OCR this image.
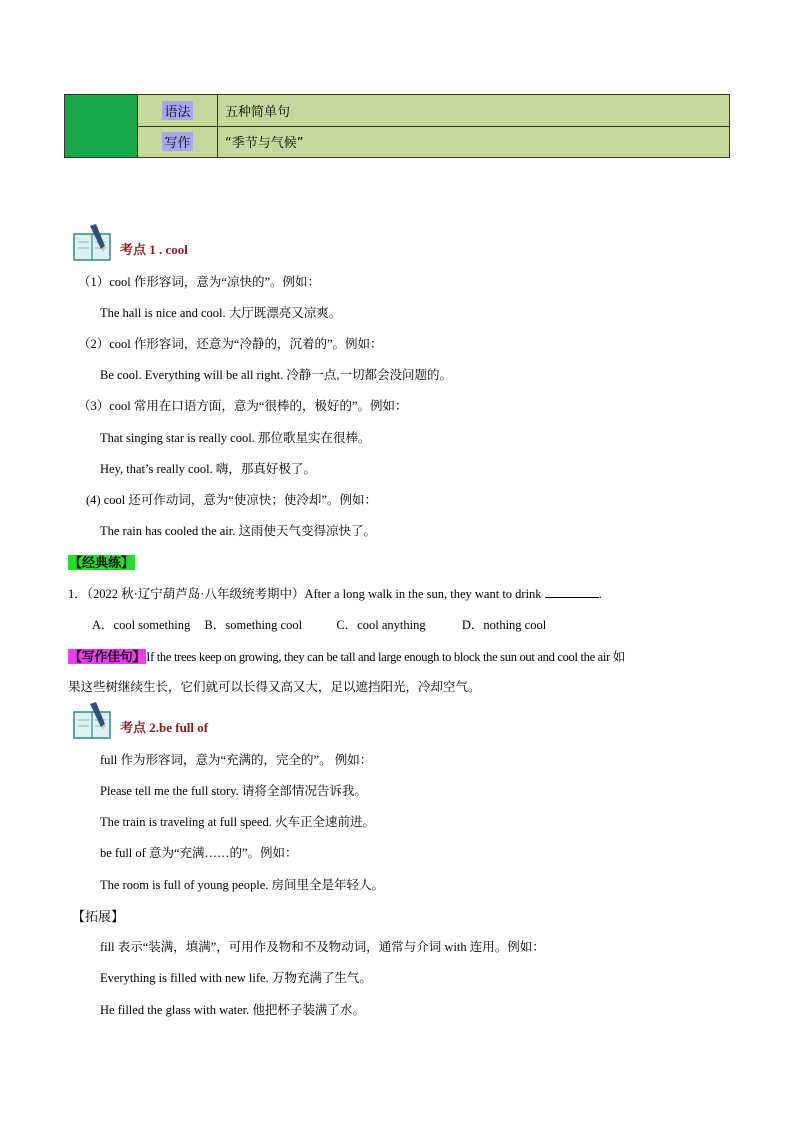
语法	五种简单句
写作	“季节与气候”
考点 1 . cool
（1）cool 作形容词，意为“凉快的”。例如：
The hall is nice and cool. 大厅既漂亮又凉爽。
（2）cool 作形容词，还意为“冷静的，沉着的”。例如：
Be cool. Everything will be all right. 冷静一点,一切都会没问题的。
（3）cool 常用在口语方面，意为“很棒的，极好的”。例如：
That singing star is really cool. 那位歌星实在很棒。
Hey, that’s really cool. 嗨，那真好极了。
(4) cool 还可作动词，意为“使凉快；使冷却”。例如：
The rain has cooled the air. 这雨使天气变得凉快了。
【经典练】
1．（2022 秋·辽宁葫芦岛·八年级统考期中）After a long walk in the sun, they want to drink	.
A．cool something B．something cool	C．cool anything	D．nothing cool
【写作佳句】If the trees keep on growing, they can be tall and large enough to block the sun out and cool the air 如
果这些树继续生长，它们就可以长得又高又大，足以遮挡阳光，冷却空气。
考点 2.be full of
full 作为形容词，意为“充满的，完全的”。 例如：
Please tell me the full story. 请将全部情况告诉我。
The train is traveling at full speed. 火车正全速前进。
be full of 意为“充满……的”。例如：
The room is full of young people. 房间里全是年轻人。
【拓展】
fill 表示“装满，填满”，可用作及物和不及物动词，通常与介词 with 连用。例如：
Everything is filled with new life. 万物充满了生气。
He filled the glass with water. 他把杯子装满了水。
